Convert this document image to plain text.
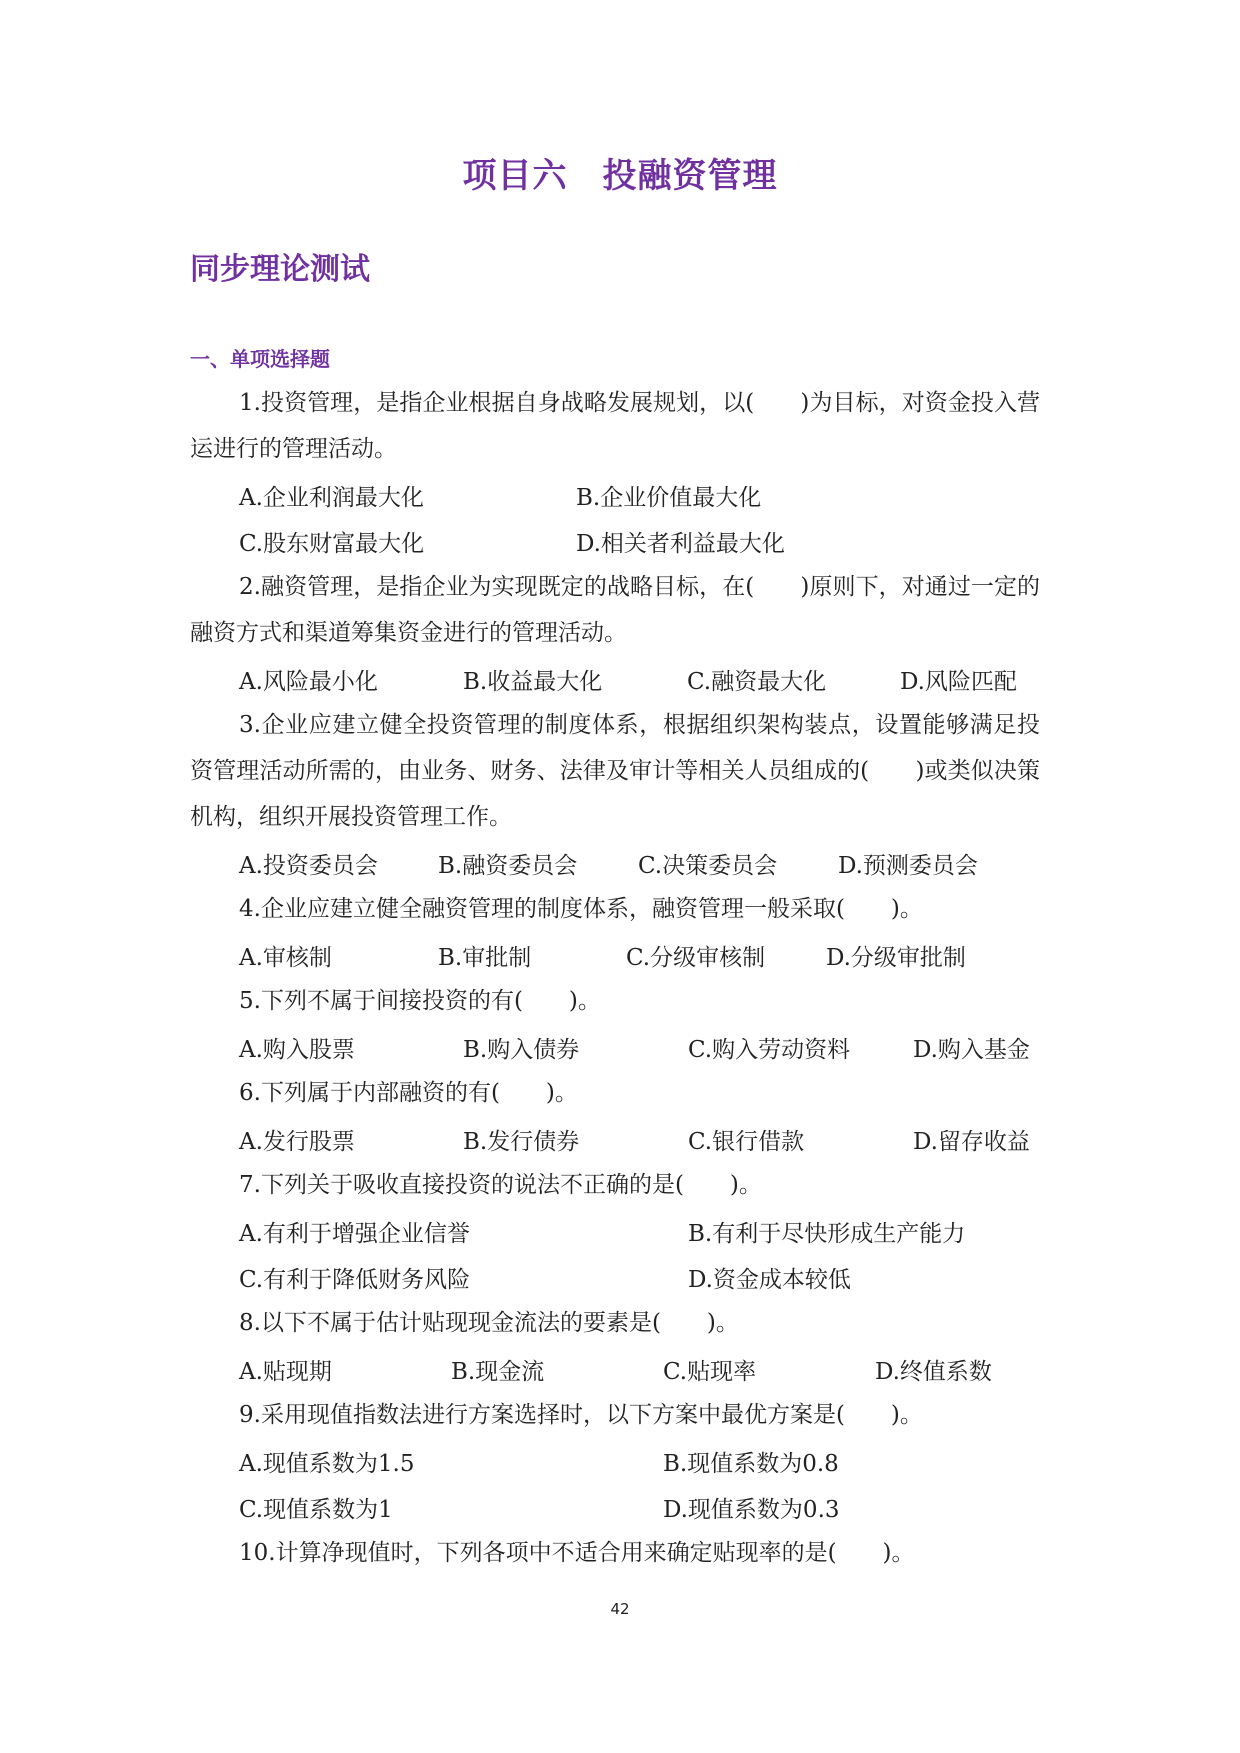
项目六　投融资管理
同步理论测试
一、单项选择题

1.投资管理，是指企业根据自身战略发展规划，以(　　)为目标，对资金投入营运进行的管理活动。

A.企业利润最大化	B.企业价值最大化
C.股东财富最大化	D.相关者利益最大化

2.融资管理，是指企业为实现既定的战略目标，在(　　)原则下，对通过一定的融资方式和渠道筹集资金进行的管理活动。

A.风险最小化	B.收益最大化	C.融资最大化	D.风险匹配

3.企业应建立健全投资管理的制度体系，根据组织架构装点，设置能够满足投资管理活动所需的，由业务、财务、法律及审计等相关人员组成的(　　)或类似决策机构，组织开展投资管理工作。

A.投资委员会	B.融资委员会	C.决策委员会	D.预测委员会

4.企业应建立健全融资管理的制度体系，融资管理一般采取(　　)。

A.审核制	B.审批制	C.分级审核制	D.分级审批制

5.下列不属于间接投资的有(　　)。

A.购入股票	B.购入债券	C.购入劳动资料	D.购入基金

6.下列属于内部融资的有(　　)。

A.发行股票	B.发行债券	C.银行借款	D.留存收益

7.下列关于吸收直接投资的说法不正确的是(　　)。

A.有利于增强企业信誉	B.有利于尽快形成生产能力
C.有利于降低财务风险	D.资金成本较低

8.以下不属于估计贴现现金流法的要素是(　　)。

A.贴现期	B.现金流	C.贴现率	D.终值系数

9.采用现值指数法进行方案选择时，以下方案中最优方案是(　　)。

A.现值系数为1.5	B.现值系数为0.8
C.现值系数为1	D.现值系数为0.3

10.计算净现值时，下列各项中不适合用来确定贴现率的是(　　)。

42
